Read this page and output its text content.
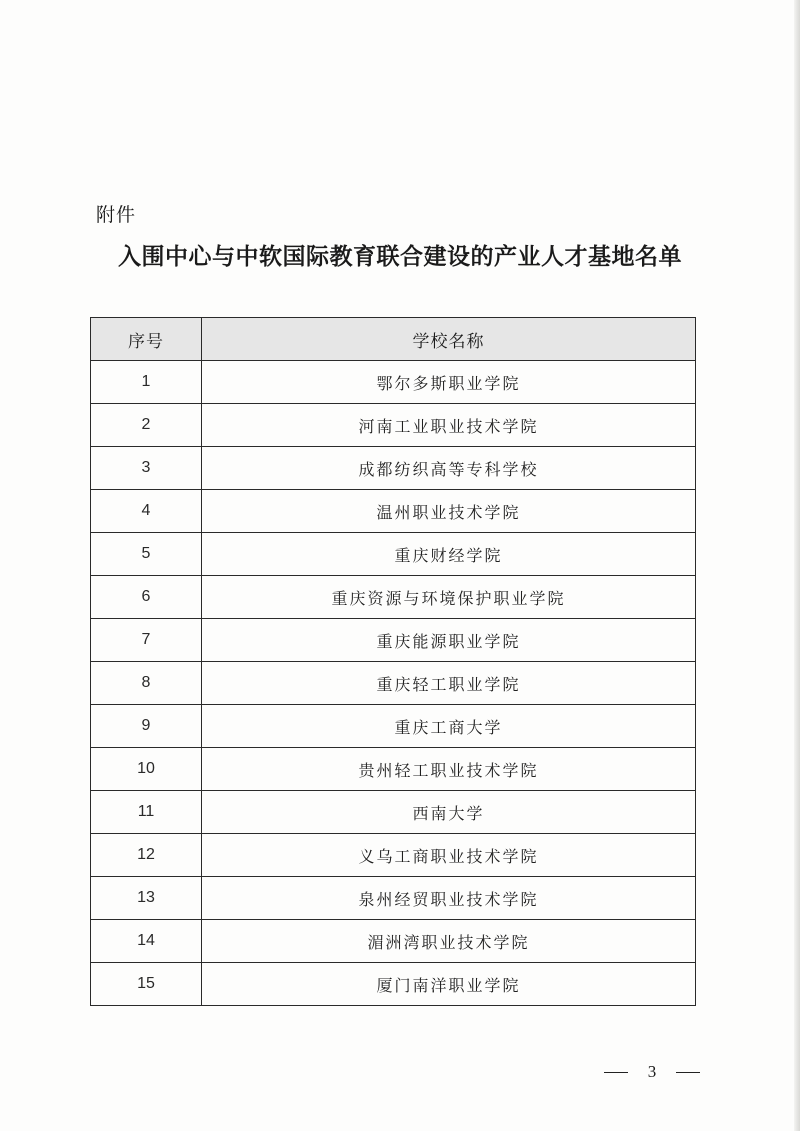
附件
入围中心与中软国际教育联合建设的产业人才基地名单
序号	学校名称
1	鄂尔多斯职业学院
2	河南工业职业技术学院
3	成都纺织高等专科学校
4	温州职业技术学院
5	重庆财经学院
6	重庆资源与环境保护职业学院
7	重庆能源职业学院
8	重庆轻工职业学院
9	重庆工商大学
10	贵州轻工职业技术学院
11	西南大学
12	义乌工商职业技术学院
13	泉州经贸职业技术学院
14	湄洲湾职业技术学院
15	厦门南洋职业学院
3
